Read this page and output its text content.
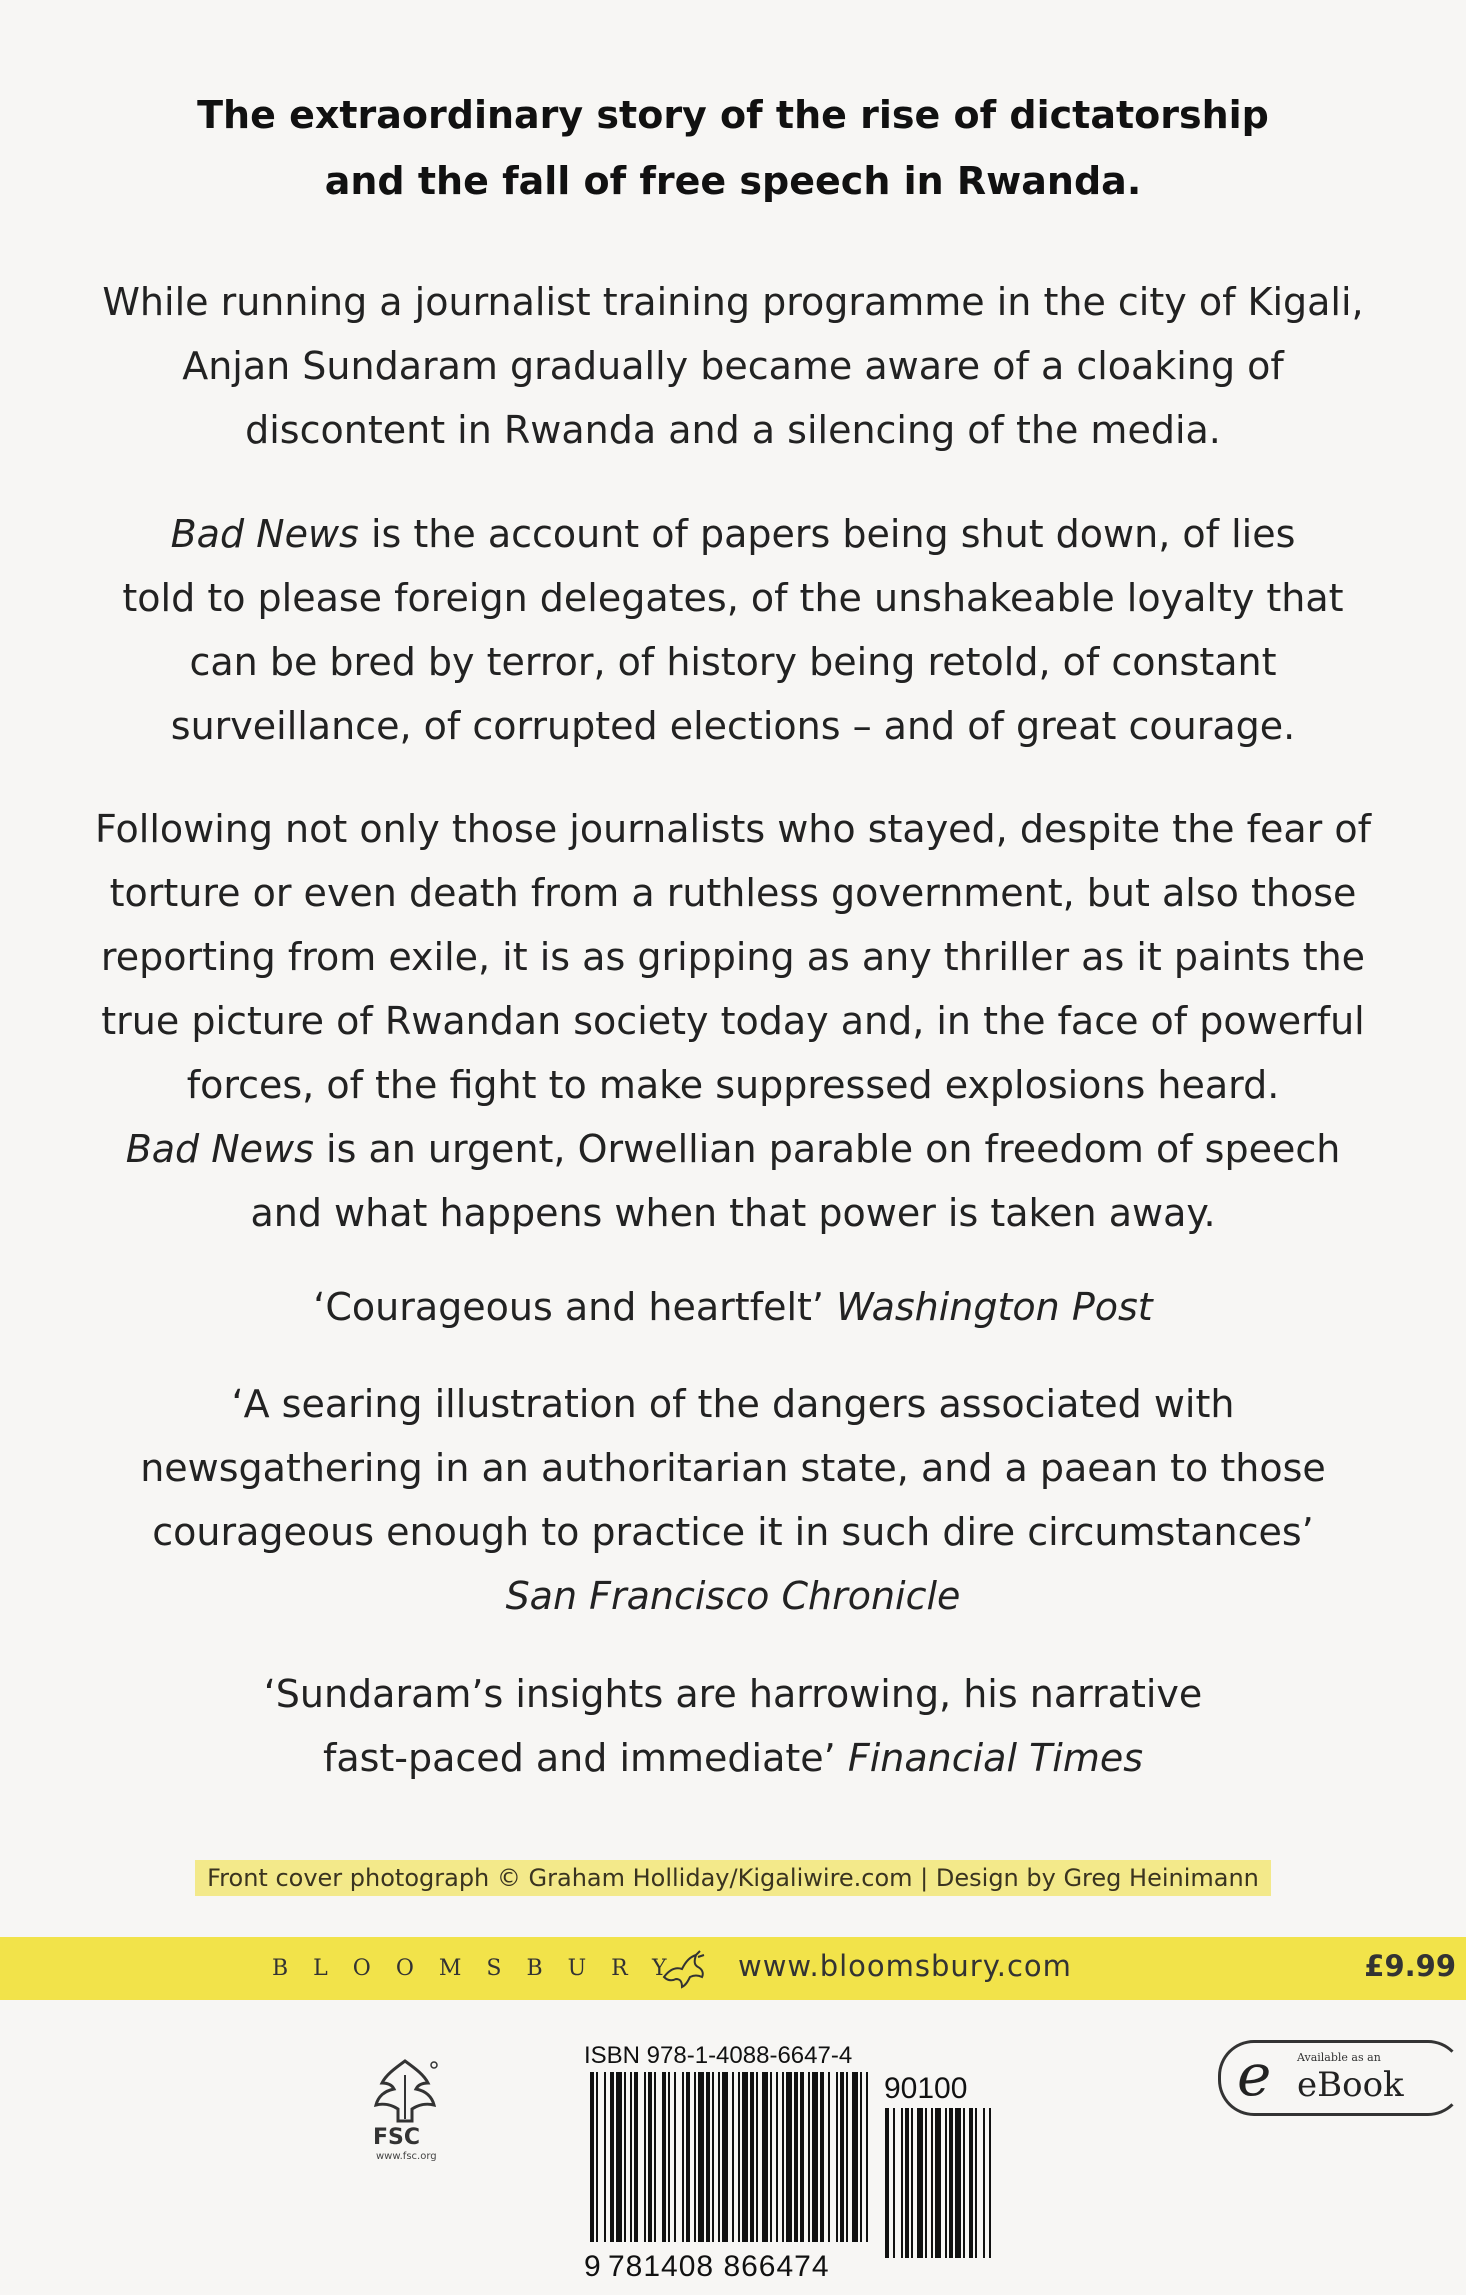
The extraordinary story of the rise of dictatorship
and the fall of free speech in Rwanda.
While running a journalist training programme in the city of Kigali,
Anjan Sundaram gradually became aware of a cloaking of
discontent in Rwanda and a silencing of the media.
Bad News is the account of papers being shut down, of lies
told to please foreign delegates, of the unshakeable loyalty that
can be bred by terror, of history being retold, of constant
surveillance, of corrupted elections – and of great courage.
Following not only those journalists who stayed, despite the fear of
torture or even death from a ruthless government, but also those
reporting from exile, it is as gripping as any thriller as it paints the
true picture of Rwandan society today and, in the face of powerful
forces, of the fight to make suppressed explosions heard.
Bad News is an urgent, Orwellian parable on freedom of speech
and what happens when that power is taken away.
‘Courageous and heartfelt’ Washington Post
‘A searing illustration of the dangers associated with
newsgathering in an authoritarian state, and a paean to those
courageous enough to practice it in such dire circumstances’
San Francisco Chronicle
‘Sundaram’s insights are harrowing, his narrative
fast-paced and immediate’ Financial Times
Front cover photograph © Graham Holliday/Kigaliwire.com | Design by Greg Heinimann
BLOOMSBURY www.bloomsbury.com	£9.99
FSC
www.fsc.org
ISBN 978-1-4088-6647-4
90100
9 781408 866474
e Available as an
eBook
